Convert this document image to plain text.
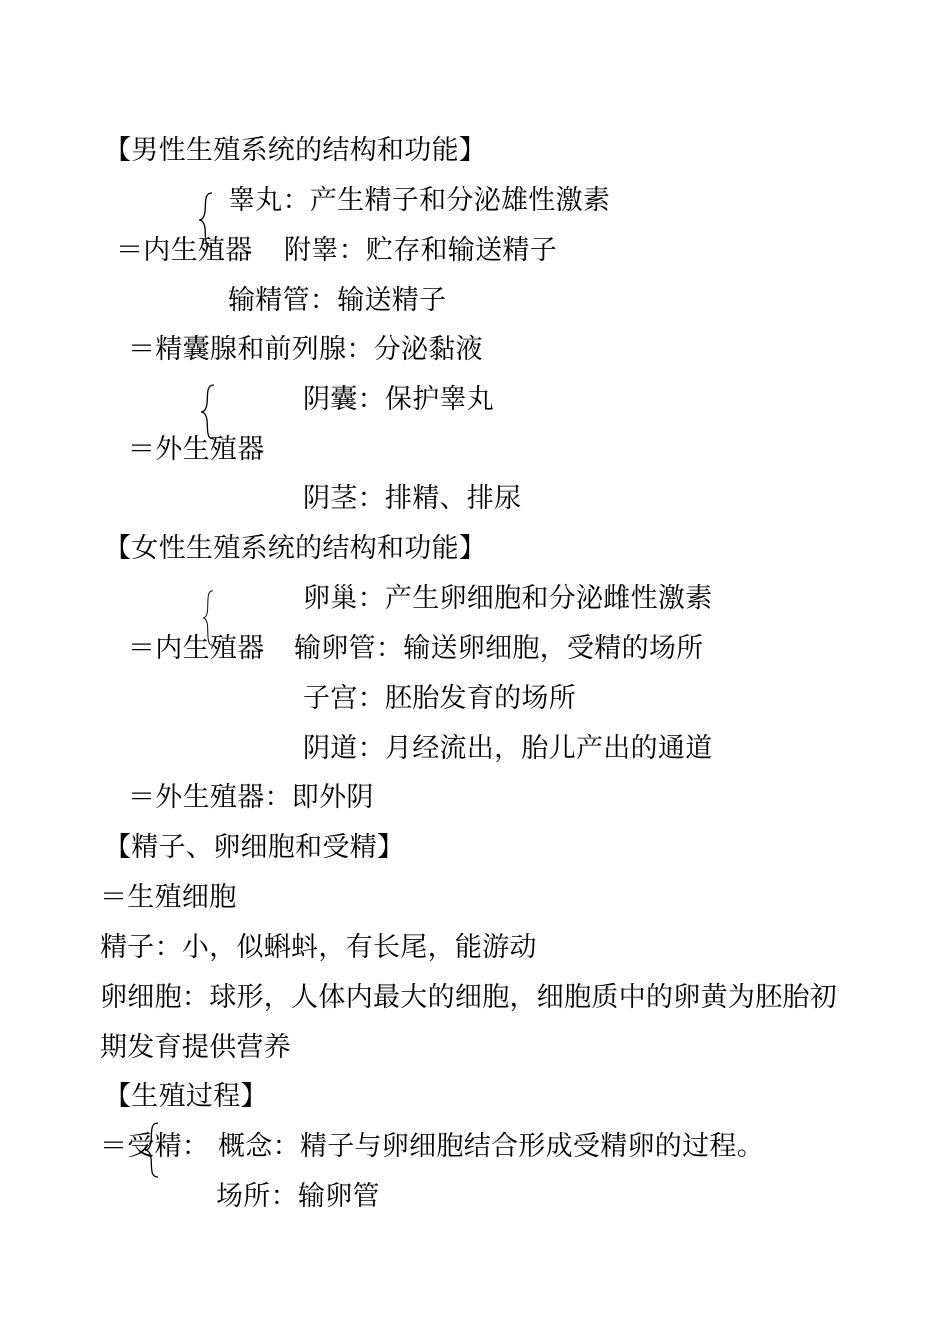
【男性生殖系统的结构和功能】
睾丸：产生精子和分泌雄性激素
＝内生殖器 附睾：贮存和输送精子
输精管：输送精子
＝精囊腺和前列腺：分泌黏液
阴囊：保护睾丸
＝外生殖器
阴茎：排精、排尿
【女性生殖系统的结构和功能】
卵巢：产生卵细胞和分泌雌性激素
＝内生殖器 输卵管：输送卵细胞，受精的场所
子宫：胚胎发育的场所
阴道：月经流出，胎儿产出的通道
＝外生殖器：即外阴
【精子、卵细胞和受精】
＝生殖细胞
精子：小，似蝌蚪，有长尾，能游动
卵细胞：球形，人体内最大的细胞，细胞质中的卵黄为胚胎初
期发育提供营养
【生殖过程】
＝受精： 概念：精子与卵细胞结合形成受精卵的过程。
场所：输卵管
